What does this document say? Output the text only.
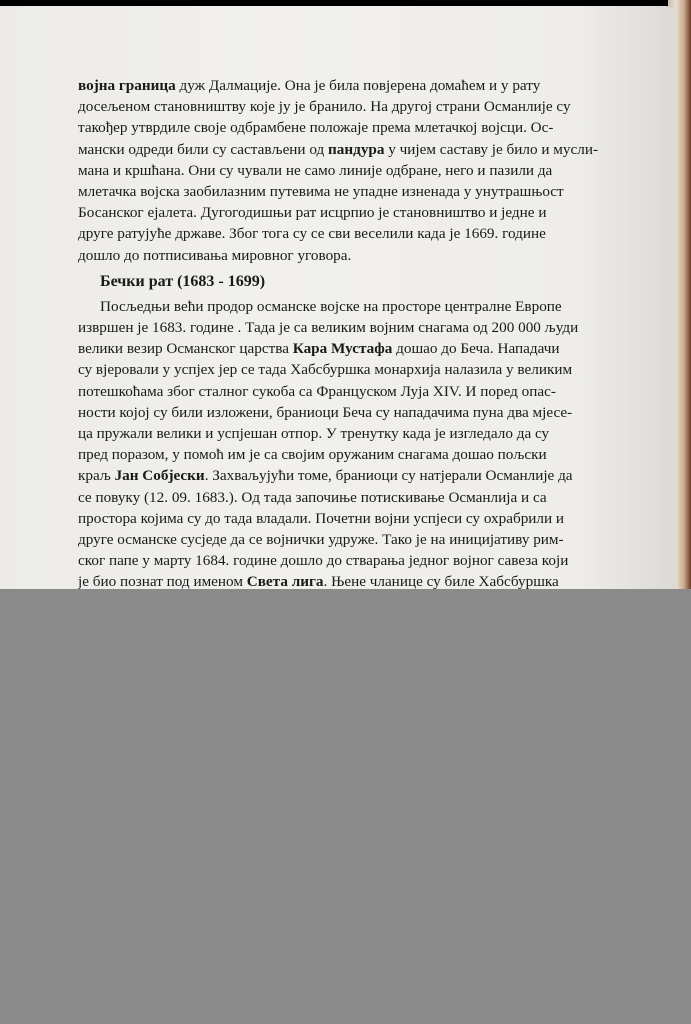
војна граница дуж Далмације. Она је била повјерена домаћем и у рату
досељеном становништву које ју је бранило. На другој страни Османлије су
такођер утврдиле своје одбрамбене положаје према млетачкој војсци. Ос-
мански одреди били су састављени од пандура у чијем саставу је било и мусли-
мана и кршћана. Они су чували не само линије одбране, него и пазили да
млетачка војска заобилазним путевима не упадне изненада у унутрашњост
Босанског ејалета. Дугогодишњи рат исцрпио је становништво и једне и
друге ратујуће државе. Због тога су се сви веселили када је 1669. године
дошло до потписивања мировног уговора.
Бечки рат (1683 - 1699)
Посљедњи већи продор османске војске на просторе централне Европе
извршен је 1683. године . Тада је са великим војним снагама од 200 000 људи
велики везир Османског царства Кара Мустафа дошао до Беча. Нападачи
су вјеровали у успјех јер се тада Хабсбуршка монархија налазила у великим
потешкоћама због сталног сукоба са Француском Луја XIV. И поред опас-
ности којој су били изложени, браниоци Беча су нападачима пуна два мјесе-
ца пружали велики и успјешан отпор. У тренутку када је изгледало да су
пред поразом, у помоћ им је са својим оружаним снагама дошао пољски
краљ Јан Собјески. Захваљујући томе, браниоци су натјерали Османлије да
се повуку (12. 09. 1683.). Од тада започиње потискивање Османлија и са
простора којима су до тада владали. Почетни војни успјеси су охрабрили и
друге османске сусједе да се војнички удруже. Тако је на иницијативу рим-
ског папе у марту 1684. године дошло до стварања једног војног савеза који
је био познат под именом Света лига. Њене чланице су биле Хабсбуршка
